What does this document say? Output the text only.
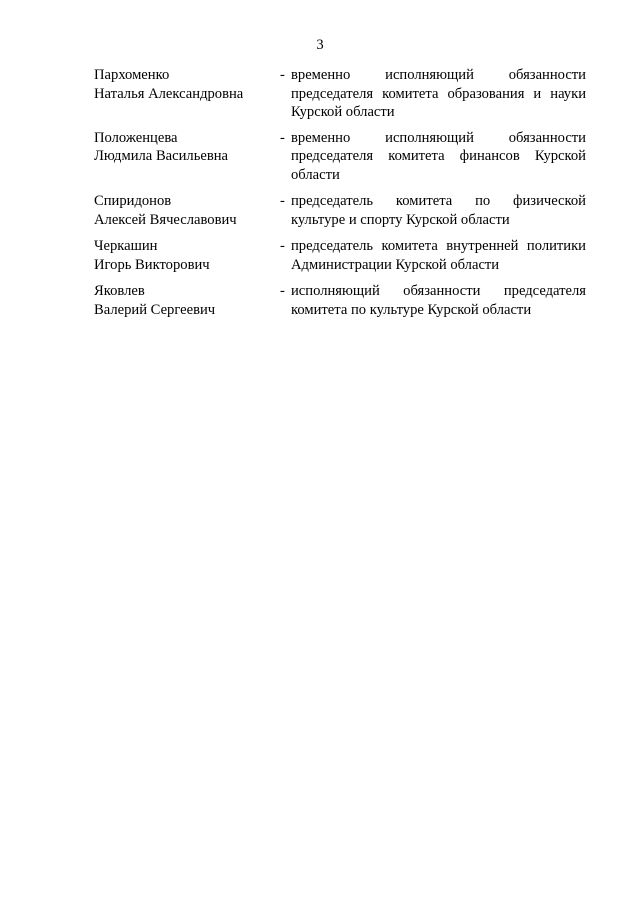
3
Пархоменко
Наталья Александровна
- временно исполняющий обязанности председателя комитета образования и науки Курской области
Положенцева
Людмила Васильевна
- временно исполняющий обязанности председателя комитета финансов Курской области
Спиридонов
Алексей Вячеславович
- председатель комитета по физической культуре и спорту Курской области
Черкашин
Игорь Викторович
- председатель комитета внутренней политики Администрации Курской области
Яковлев
Валерий Сергеевич
- исполняющий обязанности председателя комитета по культуре Курской области
